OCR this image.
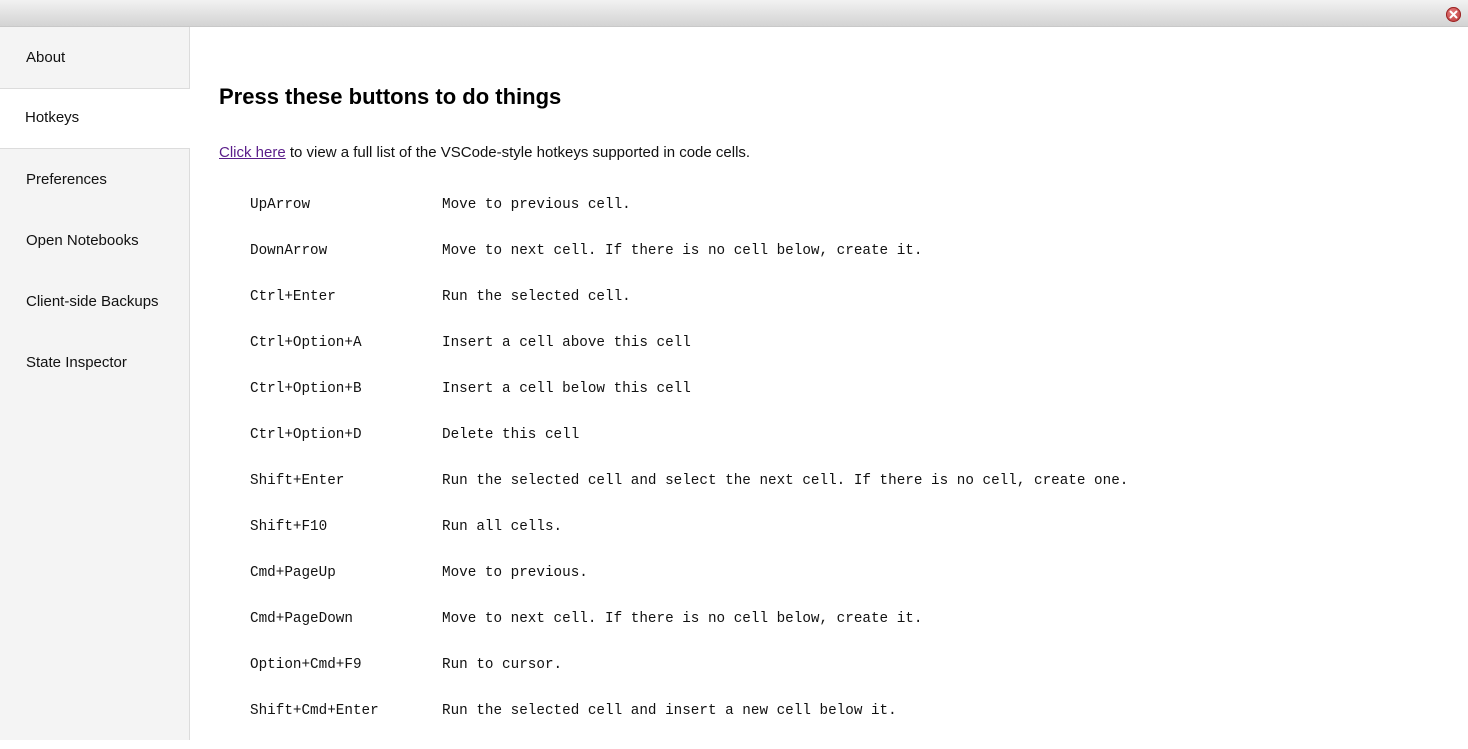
About
Hotkeys
Preferences
Open Notebooks
Client-side Backups
State Inspector
Press these buttons to do things
Click here to view a full list of the VSCode-style hotkeys supported in code cells.
UpArrow	Move to previous cell.
DownArrow	Move to next cell. If there is no cell below, create it.
Ctrl+Enter	Run the selected cell.
Ctrl+Option+A	Insert a cell above this cell
Ctrl+Option+B	Insert a cell below this cell
Ctrl+Option+D	Delete this cell
Shift+Enter	Run the selected cell and select the next cell. If there is no cell, create one.
Shift+F10	Run all cells.
Cmd+PageUp	Move to previous.
Cmd+PageDown	Move to next cell. If there is no cell below, create it.
Option+Cmd+F9	Run to cursor.
Shift+Cmd+Enter	Run the selected cell and insert a new cell below it.
